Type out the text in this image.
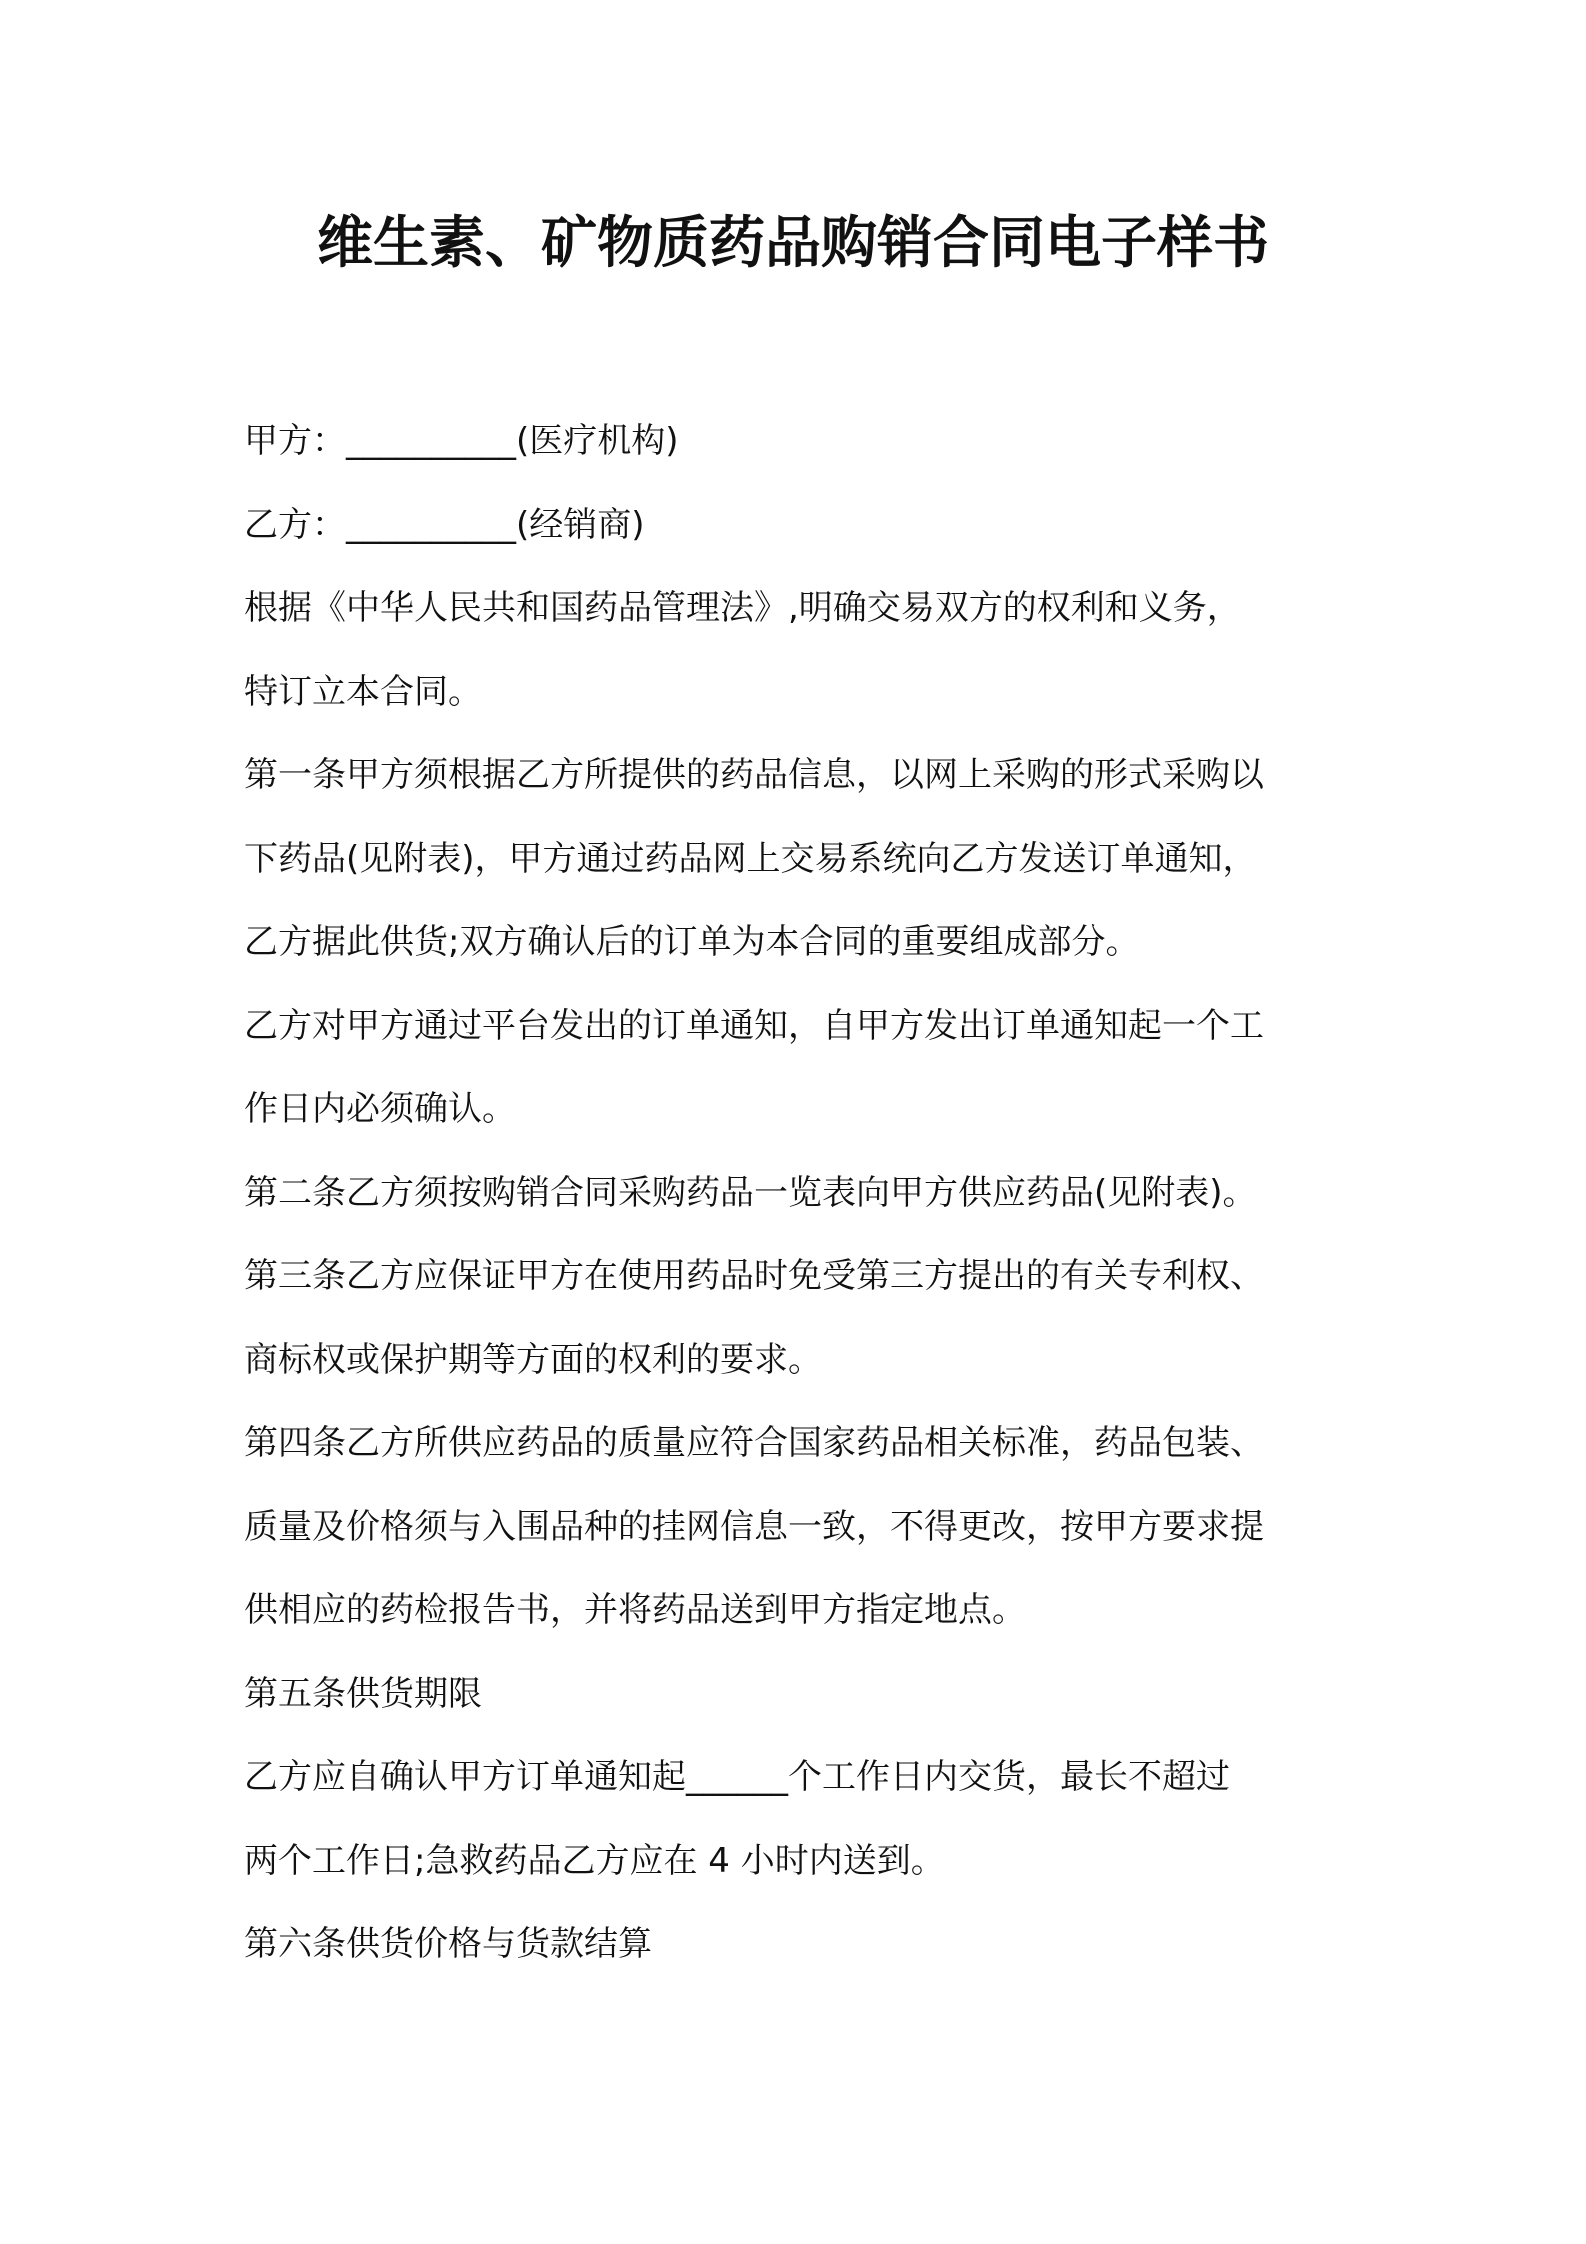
维生素、矿物质药品购销合同电子样书
甲方：__________(医疗机构)
乙方：__________(经销商)
根据《中华人民共和国药品管理法》,明确交易双方的权利和义务，
特订立本合同。
第一条甲方须根据乙方所提供的药品信息，以网上采购的形式采购以
下药品(见附表)，甲方通过药品网上交易系统向乙方发送订单通知，
乙方据此供货;双方确认后的订单为本合同的重要组成部分。
乙方对甲方通过平台发出的订单通知，自甲方发出订单通知起一个工
作日内必须确认。
第二条乙方须按购销合同采购药品一览表向甲方供应药品(见附表)。
第三条乙方应保证甲方在使用药品时免受第三方提出的有关专利权、
商标权或保护期等方面的权利的要求。
第四条乙方所供应药品的质量应符合国家药品相关标准，药品包装、
质量及价格须与入围品种的挂网信息一致，不得更改，按甲方要求提
供相应的药检报告书，并将药品送到甲方指定地点。
第五条供货期限
乙方应自确认甲方订单通知起______个工作日内交货，最长不超过
两个工作日;急救药品乙方应在 4 小时内送到。
第六条供货价格与货款结算
